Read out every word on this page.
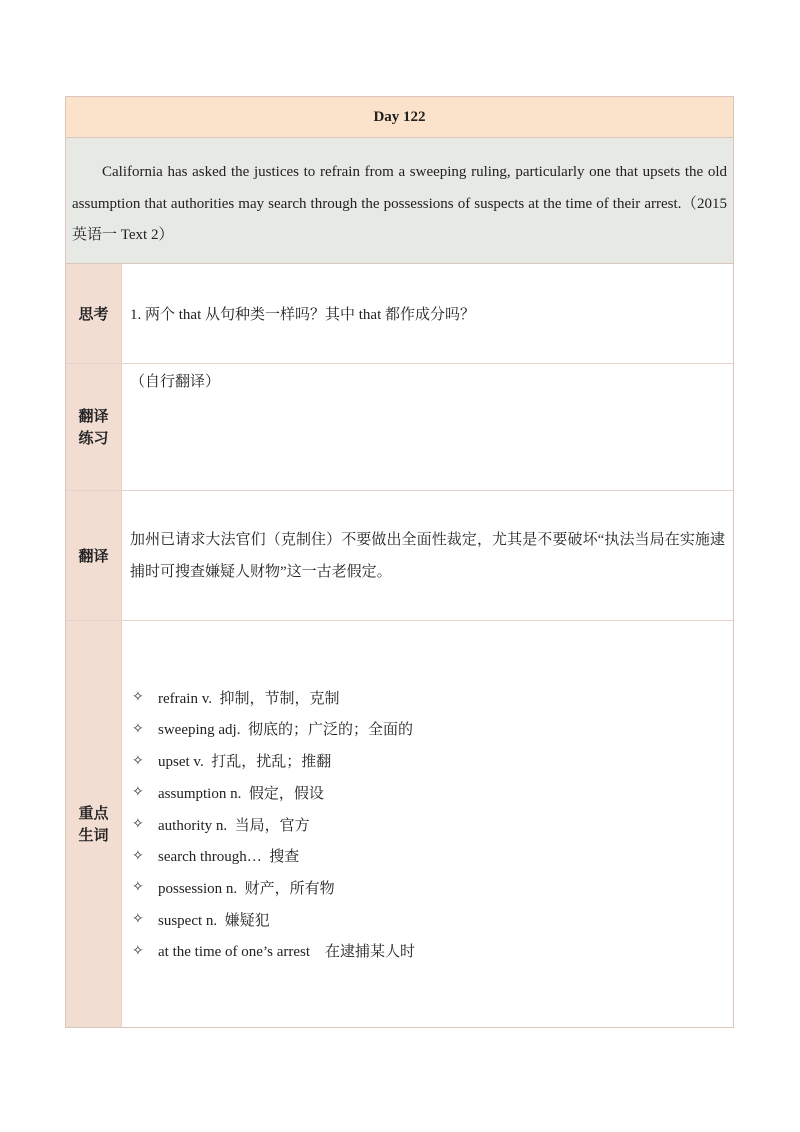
Day 122
California has asked the justices to refrain from a sweeping ruling, particularly one that upsets the old assumption that authorities may search through the possessions of suspects at the time of their arrest.（2015 英语一 Text 2）
思考 1. 两个 that 从句种类一样吗？其中 that 都作成分吗？
翻译练习
（自行翻译）
翻译
加州已请求大法官们（克制住）不要做出全面性裁定，尤其是不要破坏“执法当局在实施逮捕时可搜查嫌疑人财物”这一古老假定。
重点生词
✧ refrain v.  抑制，节制，克制
✧ sweeping adj.  彻底的；广泛的；全面的
✧ upset v.  打乱，扰乱；推翻
✧ assumption n.  假定，假设
✧ authority n.  当局，官方
✧ search through…  搜查
✧ possession n.  财产，所有物
✧ suspect n.  嫌疑犯
✧ at the time of one’s arrest    在逮捕某人时
